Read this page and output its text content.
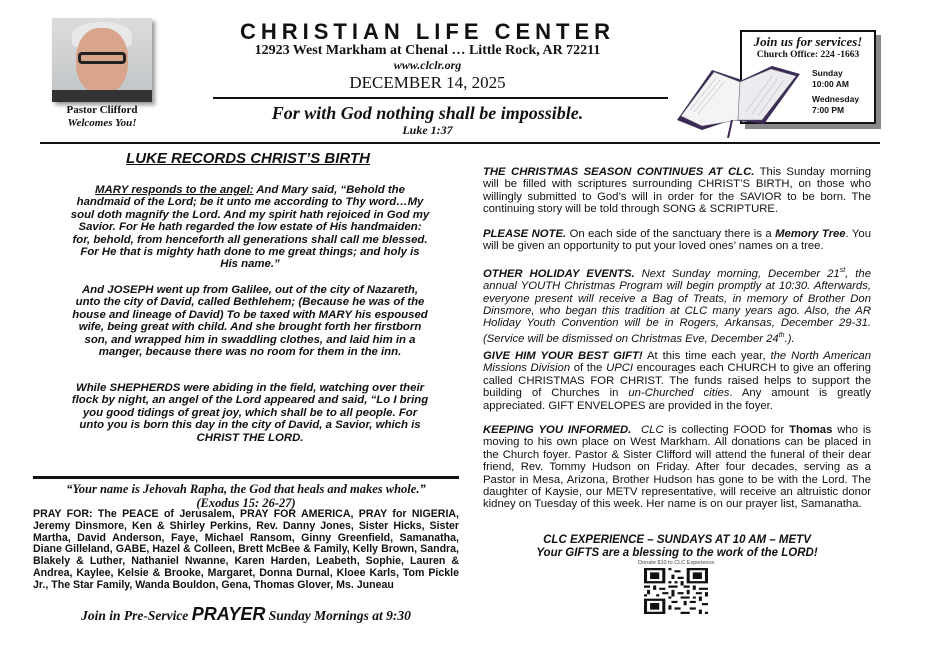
Pastor Clifford
Welcomes You!
CHRISTIAN LIFE CENTER
12923 West Markham at Chenal … Little Rock, AR 72211
www.clclr.org
DECEMBER 14, 2025
For with God nothing shall be impossible.
Luke 1:37
Join us for services!
Church Office: 224 -1663
Sunday
10:00 AM
Wednesday
7:00 PM
LUKE RECORDS CHRIST’S BIRTH
MARY responds to the angel: And Mary said, “Behold the handmaid of the Lord; be it unto me according to Thy word…My soul doth magnify the Lord. And my spirit hath rejoiced in God my Savior. For He hath regarded the low estate of His handmaiden: for, behold, from henceforth all generations shall call me blessed. For He that is mighty hath done to me great things; and holy is His name.”
And JOSEPH went up from Galilee, out of the city of Nazareth, unto the city of David, called Bethlehem; (Because he was of the house and lineage of David) To be taxed with MARY his espoused wife, being great with child. And she brought forth her firstborn son, and wrapped him in swaddling clothes, and laid him in a manger, because there was no room for them in the inn.
While SHEPHERDS were abiding in the field, watching over their flock by night, an angel of the Lord appeared and said, “Lo I bring you good tidings of great joy, which shall be to all people. For unto you is born this day in the city of David, a Savior, which is CHRIST THE LORD.
“Your name is Jehovah Rapha, the God that heals and makes whole.”
(Exodus 15: 26-27)
PRAY FOR: The PEACE of Jerusalem, PRAY FOR AMERICA, PRAY for NIGERIA, Jeremy Dinsmore, Ken & Shirley Perkins, Rev. Danny Jones, Sister Hicks, Sister Martha, David Anderson, Faye, Michael Ransom, Ginny Greenfield, Samanatha, Diane Gilleland, GABE, Hazel & Colleen, Brett McBee & Family, Kelly Brown, Sandra, Blakely & Luther, Nathaniel Nwanne, Karen Harden, Leabeth, Sophie, Lauren & Andrea, Kaylee, Kelsie & Brooke, Margaret, Donna Durnal, Kloee Karls, Tom Pickle Jr., The Star Family, Wanda Bouldon, Gena, Thomas Glover, Ms. Juneau
Join in Pre-Service PRAYER Sunday Mornings at 9:30
THE CHRISTMAS SEASON CONTINUES AT CLC. This Sunday morning will be filled with scriptures surrounding CHRIST’S BIRTH, on those who willingly submitted to God’s will in order for the SAVIOR to be born. The continuing story will be told through SONG & SCRIPTURE.
PLEASE NOTE. On each side of the sanctuary there is a Memory Tree. You will be given an opportunity to put your loved ones’ names on a tree.
OTHER HOLIDAY EVENTS. Next Sunday morning, December 21st, the annual YOUTH Christmas Program will begin promptly at 10:30. Afterwards, everyone present will receive a Bag of Treats, in memory of Brother Don Dinsmore, who began this tradition at CLC many years ago. Also, the AR Holiday Youth Convention will be in Rogers, Arkansas, December 29-31. (Service will be dismissed on Christmas Eve, December 24th.).
GIVE HIM YOUR BEST GIFT! At this time each year, the North American Missions Division of the UPCI encourages each CHURCH to give an offering called CHRISTMAS FOR CHRIST. The funds raised helps to support the building of Churches in un-Churched cities. Any amount is greatly appreciated. GIFT ENVELOPES are provided in the foyer.
KEEPING YOU INFORMED. CLC is collecting FOOD for Thomas who is moving to his own place on West Markham. All donations can be placed in the Church foyer. Pastor & Sister Clifford will attend the funeral of their dear friend, Rev. Tommy Hudson on Friday. After four decades, serving as a Pastor in Mesa, Arizona, Brother Hudson has gone to be with the Lord. The daughter of Kaysie, our METV representative, will receive an altruistic donor kidney on Tuesday of this week. Her name is on our prayer list, Samanatha.
CLC EXPERIENCE – SUNDAYS AT 10 AM – METV
Your GIFTS are a blessing to the work of the LORD!
Donate $10 to CLC Experience.
